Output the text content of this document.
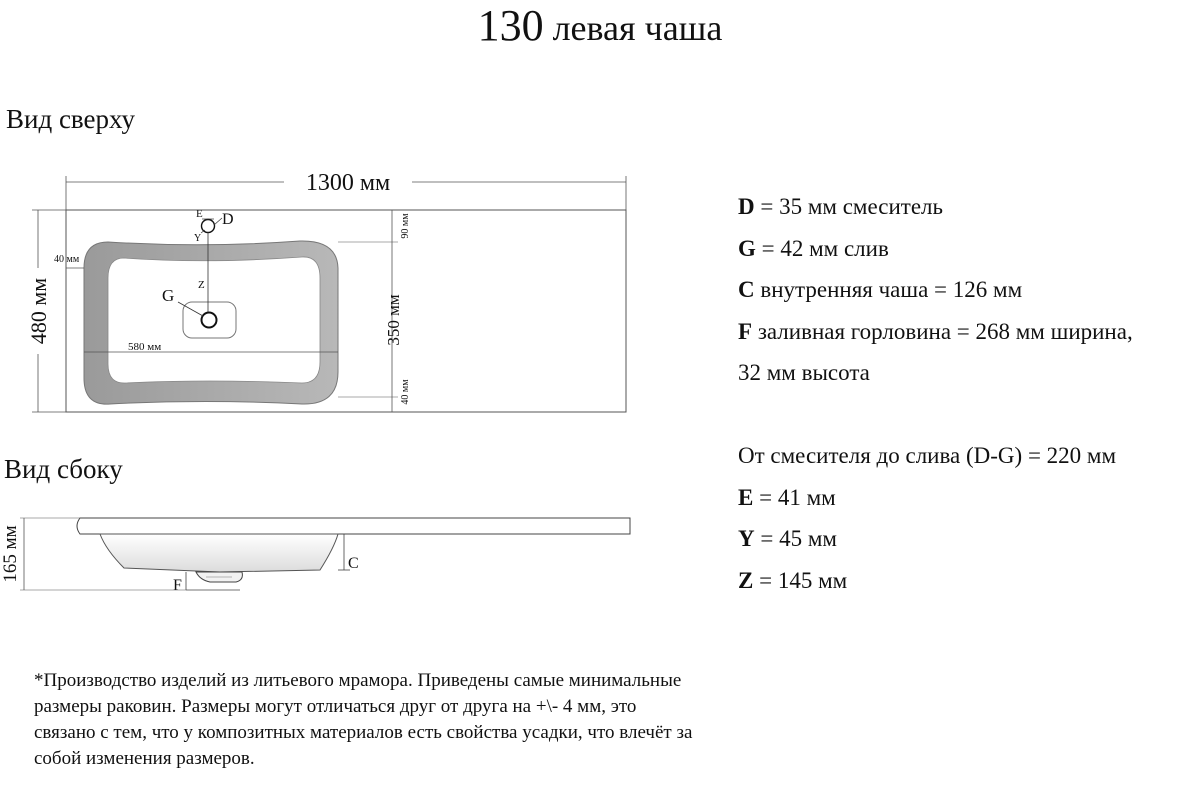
130 левая чаша
Вид сверху
Вид сбоку
Z
E D
Y
G
1300 мм
480 мм
40 мм
580 мм
90 мм
350 мм
40 мм
C
F
165 мм
D = 35 мм смеситель
G = 42 мм слив
C внутренняя чаша = 126 мм
F заливная горловина = 268 мм ширина,
32 мм высота
От смесителя до слива (D-G) = 220 мм
E = 41 мм
Y = 45 мм
Z = 145 мм
*Производство изделий из литьевого мрамора. Приведены самые минимальные размеры раковин. Размеры могут отличаться друг от друга на +\- 4 мм, это связано с тем, что у композитных материалов есть свойства усадки, что влечёт за собой изменения размеров.
